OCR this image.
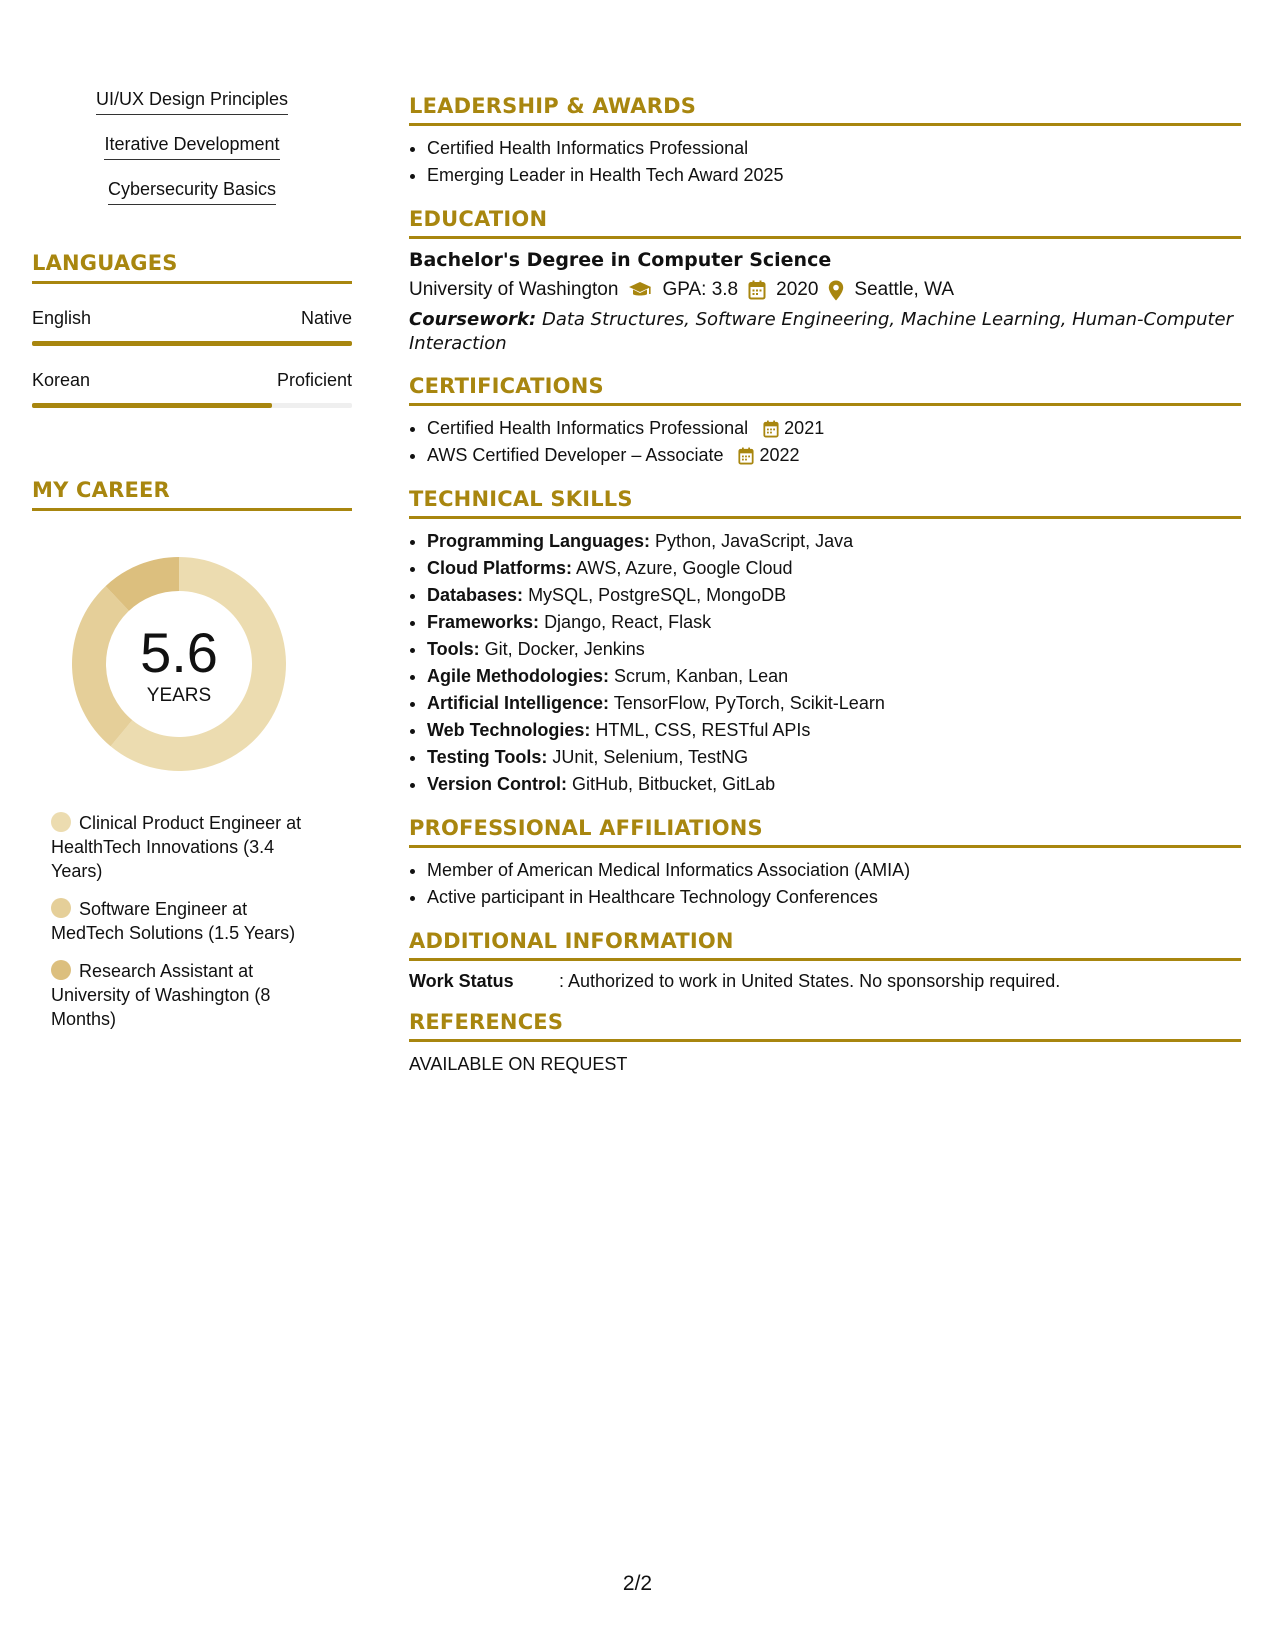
UI/UX Design Principles
Iterative Development
Cybersecurity Basics
LANGUAGES
English	Native
Korean	Proficient
MY CAREER
5.6
YEARS
Clinical Product Engineer at HealthTech Innovations (3.4 Years)
Software Engineer at MedTech Solutions (1.5 Years)
Research Assistant at University of Washington (8 Months)
LEADERSHIP & AWARDS
• Certified Health Informatics Professional
• Emerging Leader in Health Tech Award 2025
EDUCATION
Bachelor's Degree in Computer Science
University of Washington GPA: 3.8 2020 Seattle, WA
Coursework: Data Structures, Software Engineering, Machine Learning, Human-Computer Interaction
CERTIFICATIONS
• Certified Health Informatics Professional 2021
• AWS Certified Developer – Associate 2022
TECHNICAL SKILLS
• Programming Languages: Python, JavaScript, Java
• Cloud Platforms: AWS, Azure, Google Cloud
• Databases: MySQL, PostgreSQL, MongoDB
• Frameworks: Django, React, Flask
• Tools: Git, Docker, Jenkins
• Agile Methodologies: Scrum, Kanban, Lean
• Artificial Intelligence: TensorFlow, PyTorch, Scikit-Learn
• Web Technologies: HTML, CSS, RESTful APIs
• Testing Tools: JUnit, Selenium, TestNG
• Version Control: GitHub, Bitbucket, GitLab
PROFESSIONAL AFFILIATIONS
• Member of American Medical Informatics Association (AMIA)
• Active participant in Healthcare Technology Conferences
ADDITIONAL INFORMATION
Work Status	: Authorized to work in United States. No sponsorship required.
REFERENCES
AVAILABLE ON REQUEST
2/2
